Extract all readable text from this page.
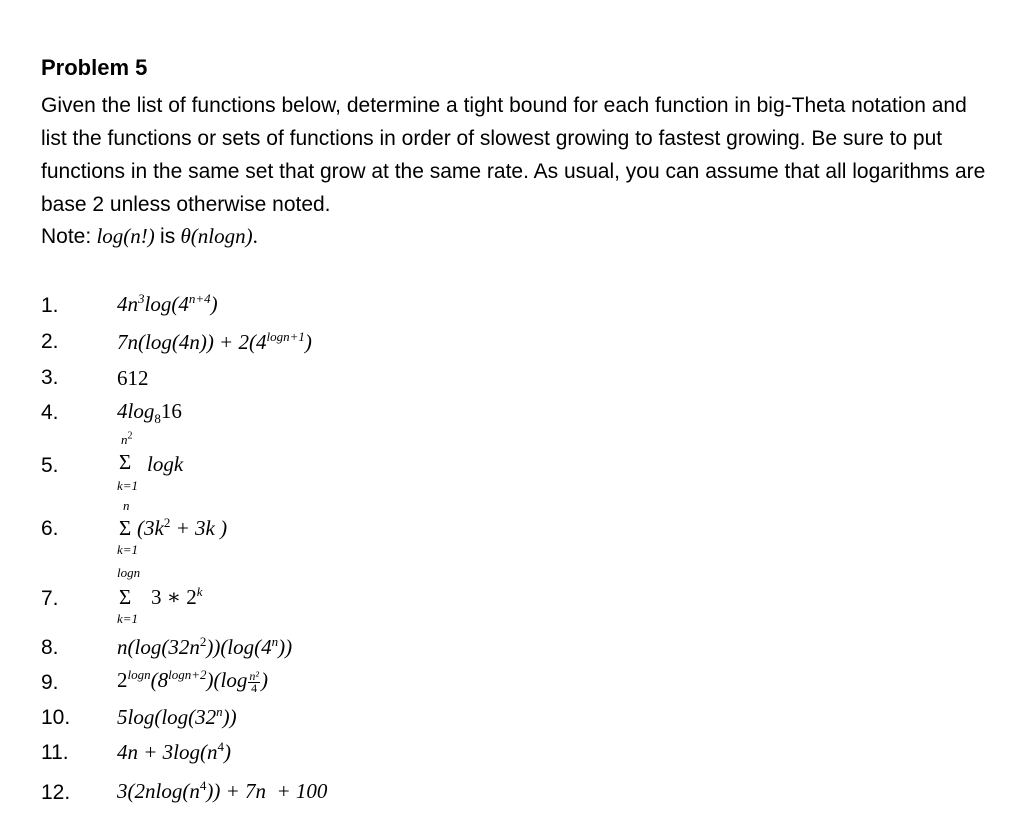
Problem 5

Given the list of functions below, determine a tight bound for each function in big-Theta notation and list the functions or sets of functions in order of slowest growing to fastest growing. Be sure to put functions in the same set that grow at the same rate. As usual, you can assume that all logarithms are base 2 unless otherwise noted.

Note: log(n!) is θ(nlogn).
1.	$4n^3\log(4^{n+4})$
2.	$7n(\log(4n)) + 2(4^{logn+1})$
3.	612
4.	$4\log_816$
5.
$n^2$
Σ logk
k=1
6.
n
Σ ($3k^2 + 3k$ )
k=1
7.
logn
Σ 3 ∗ 2$^k$
k=1
8.	$n(\log(32n^2))(\log(4^n))$
9.	$2^{logn}(8^{logn+2})(\log \frac{\text{n²}}{4}$ )
10. 5log(log(32$^n$))
11. $4n + 3\log(n^4)$
12. $3(2nlog(n^4)) + 7n + 100$
